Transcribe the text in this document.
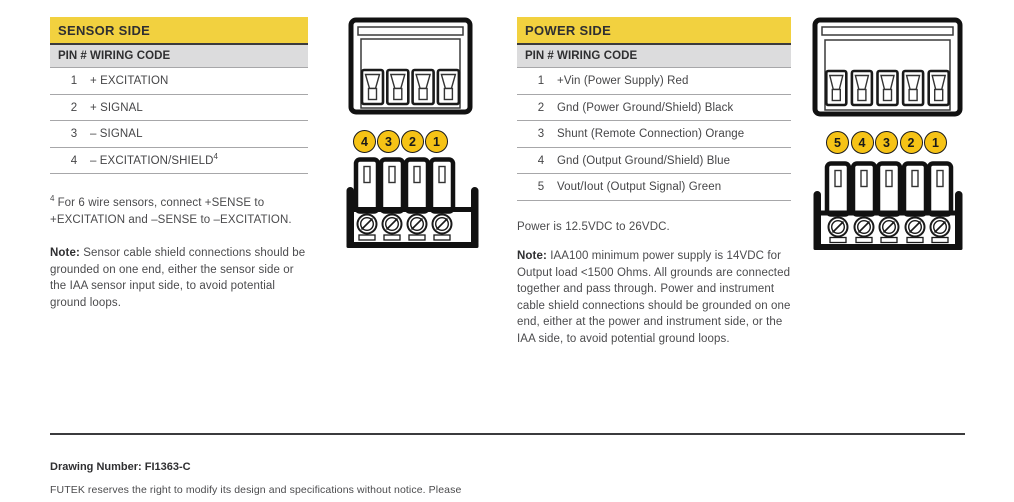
SENSOR SIDE
PIN # WIRING CODE
1	+ EXCITATION
2	+ SIGNAL
3	– SIGNAL
4	– EXCITATION/SHIELD$^4$

$^4$ For 6 wire sensors, connect +SENSE to +EXCITATION and –SENSE to –EXCITATION.

Note: Sensor cable shield connections should be grounded on one end, either the sensor side or the IAA sensor input side, to avoid potential ground loops.

4	3	2	1
POWER SIDE
PIN # WIRING CODE
1	+Vin (Power Supply) Red
2	Gnd (Power Ground/Shield) Black
3	Shunt (Remote Connection) Orange
4	Gnd (Output Ground/Shield) Blue
5	Vout/Iout (Output Signal) Green

Power is 12.5VDC to 26VDC.

Note: IAA100 minimum power supply is 14VDC for Output load <1500 Ohms. All grounds are connected together and pass through. Power and instrument cable shield connections should be grounded on one end, either at the power and instrument side, or the IAA side, to avoid potential ground loops.

5	4	3	2	1

Drawing Number: FI1363-C

FUTEK reserves the right to modify its design and specifications without notice. Please
